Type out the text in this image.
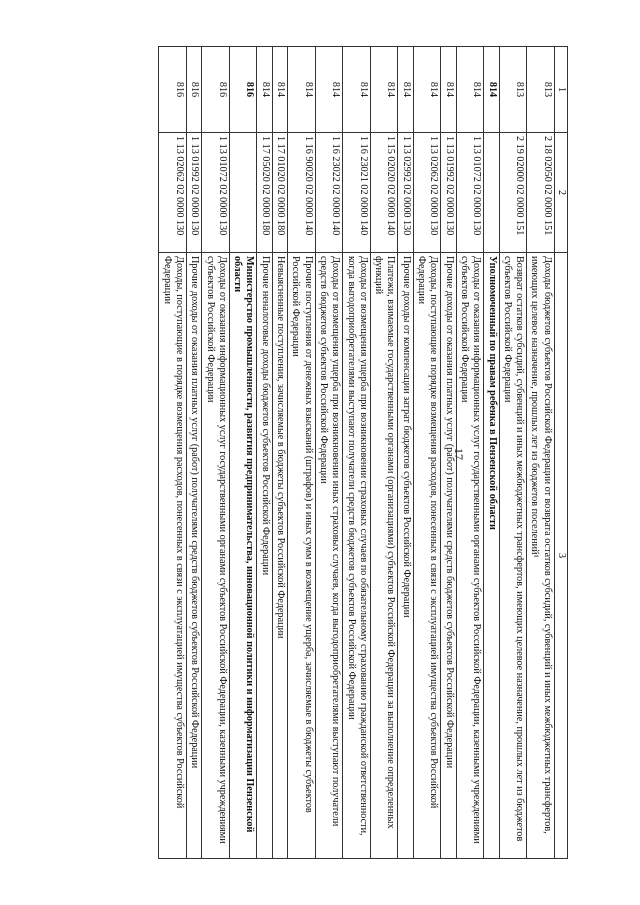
17
1	2	3
813	2 18 02050 02 0000 151	Доходы бюджетов субъектов Российской Федерации от возврата остатков субсидий, субвенций и иных межбюджетных трансфертов, имеющих целевое назначение, прошлых лет из бюджетов поселений¹
813	2 19 02000 02 0000 151	Возврат остатков субсидий, субвенций и иных межбюджетных трансфертов, имеющих целевое назначение, прошлых лет из бюджетов субъектов Российской Федерации
814		Уполномоченный по правам ребенка в Пензенской области
814	1 13 01072 02 0000 130	Доходы от оказания информационных услуг государственными органами субъектов Российской Федерации, казенными учреждениями субъектов Российской Федерации
814	1 13 01992 02 0000 130	Прочие доходы от оказания платных услуг (работ) получателями средств бюджетов субъектов Российской Федерации
814	1 13 02062 02 0000 130	Доходы, поступающие в порядке возмещения расходов, понесенных в связи с эксплуатацией имущества субъектов Российской Федерации
814	1 13 02992 02 0000 130	Прочие доходы от компенсации затрат бюджетов субъектов Российской Федерации
814	1 15 02020 02 0000 140	Платежи, взимаемые государственными органами (организациями) субъектов Российской Федерации за выполнение определенных функций
814	1 16 23021 02 0000 140	Доходы от возмещения ущерба при возникновении страховых случаев по обязательному страхованию гражданской ответственности, когда выгодоприобретателями выступают получатели средств бюджетов субъектов Российской Федерации
814	1 16 23022 02 0000 140	Доходы от возмещения ущерба при возникновении иных страховых случаев, когда выгодоприобретателями выступают получатели средств бюджетов субъектов Российской Федерации
814	1 16 90020 02 0000 140	Прочие поступления от денежных взысканий (штрафов) и иных сумм в возмещение ущерба, зачисляемые в бюджеты субъектов Российской Федерации
814	1 17 01020 02 0000 180	Невыясненные поступления, зачисляемые в бюджеты субъектов Российской Федерации
814	1 17 05020 02 0000 180	Прочие неналоговые доходы бюджетов субъектов Российской Федерации
816		Министерство промышленности, развития предпринимательства, инновационной политики и информатизации Пензенской области
816	1 13 01072 02 0000 130	Доходы от оказания информационных услуг государственными органами субъектов Российской Федерации, казенными учреждениями субъектов Российской Федерации
816	1 13 01992 02 0000 130	Прочие доходы от оказания платных услуг (работ) получателями средств бюджетов субъектов Российской Федерации
816	1 13 02062 02 0000 130	Доходы, поступающие в порядке возмещения расходов, понесенных в связи с эксплуатацией имущества субъектов Российской Федерации
